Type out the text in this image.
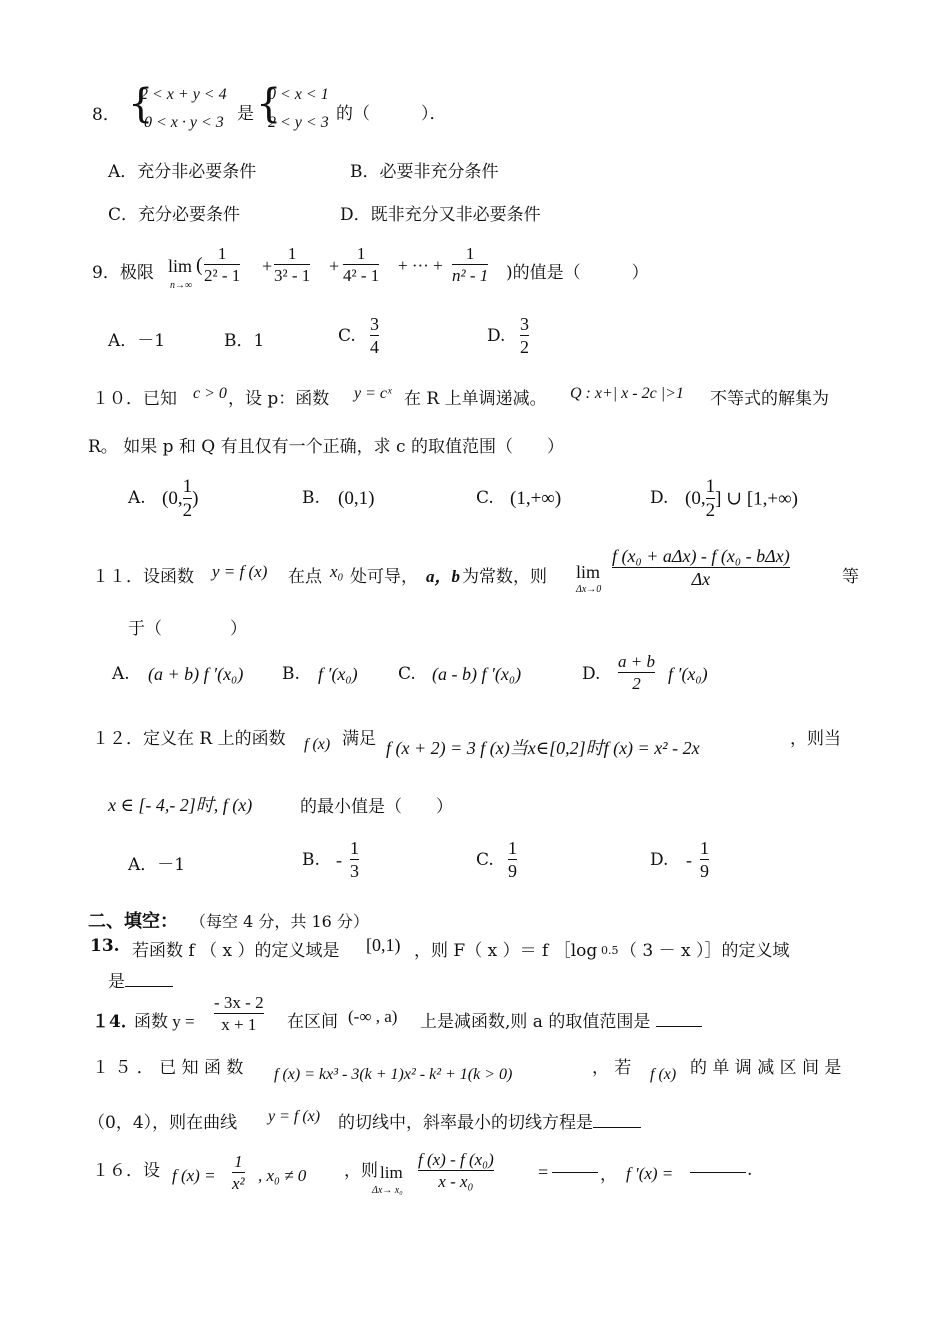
8． {
2 < x + y < 4
0 < x · y < 3 是 {
0 < x < 1
2 < y < 3 的（　　　）．
A．充分非必要条件	B．必要非充分条件
C．充分必要条件	D．既非充分又非必要条件
9．极限 lim
n→∞
( $\frac{1}{\text{2² - 1}} + \frac{1}{\text{3² - 1}} + \frac{1}{\text{4² - 1}}$ + ··· + $\frac{1}{\text{n² - 1}}$ )的值是（　　　）
A．－1	B．1	C. $\frac{3}{4}$	D. $\frac{3}{2}$
１０．已知 c > 0 ，设 p：函数 y = cˣ 在 R 上单调递减。 Q : x+| x - 2c |>1 不等式的解集为
R。 如果 p 和 Q 有且仅有一个正确，求 c 的取值范围（　　）
A. (0, $\frac{1}{2}$ )	B. (0,1)	C. (1,+∞)	D. (0, $\frac{1}{2}$ ] ∪ [1,+∞)
１１．设函数 y = f (x) 在点 x₀ 处可导， a，b 为常数，则 lim
Δx→0
$\frac{\text{f (x₀ + aΔx) - f (x₀ - bΔx)}}{\Delta x}$	等
于（　　　　）
A. (a + b) f ′(x₀) B. f ′(x₀) C. (a - b) f ′(x₀)	D. $\frac{a + b}{2}$ f ′(x₀)
１２．定义在 R 上的函数 f (x) 满足 f (x + 2) = 3 f (x)当x∈[0,2]时f (x) = x² - 2x	，则当
x ∈ [- 4,- 2]时, f (x)	的最小值是（　　）
A．－1	B. - $\frac{1}{3}$	C. $\frac{1}{9}$	D. - $\frac{1}{9}$
二、填空： （每空 4 分，共 16 分）
13. 若函数 f （ x ）的定义域是 [0,1) ，则 F（ x ）＝ f ［log 0.5 （ 3 － x ）］的定义域
是
１4．
函数 $y = \frac{- 3x - 2}{x + 1}$ 在区间 (-∞ , a) 上是减函数,则 a 的取值范围是
１ ５ ． 已 知 函 数 f (x) = kx³ - 3(k + 1)x² - k² + 1(k > 0)	， 若 f (x) 的 单 调 减 区 间 是
（0，4），则在曲线 y = f (x) 的切线中，斜率最小的切线方程是
１６．设 f $(x) = \frac{1}{\text{x²}}$ , x₀ ≠ 0 ，则 lim
$\Delta x\to x_0 \frac{\text{f (x) - f (x₀)}}{\text{x - x₀}}$ =	， f ′(x) =	.
